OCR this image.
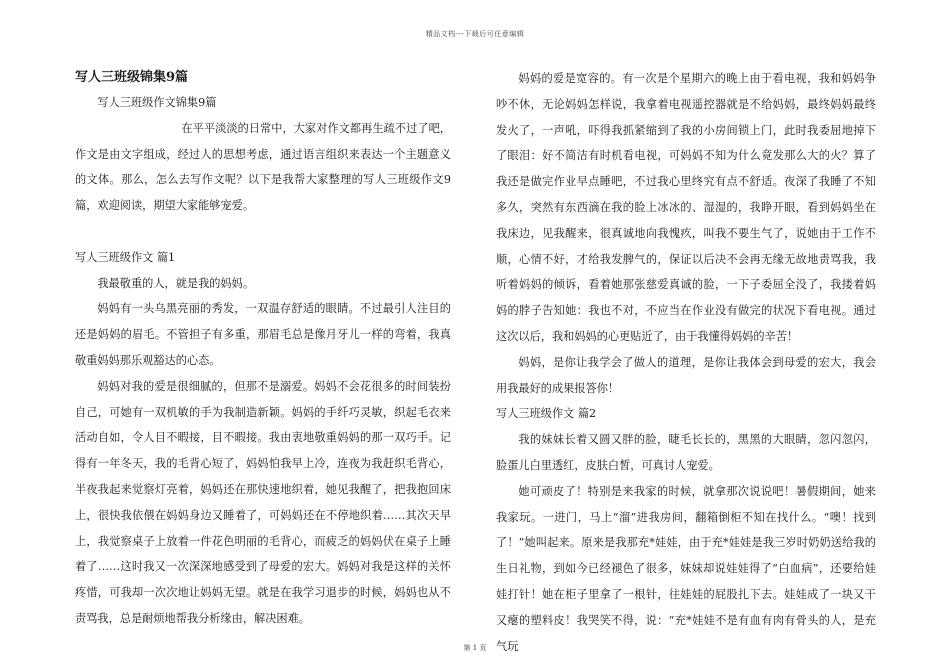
精品文档---下载后可任意编辑
写人三班级锦集9篇

写人三班级作文锦集9篇

在平平淡淡的日常中，大家对作文都再生疏不过了吧，作文是由文字组成，经过人的思想考虑，通过语言组织来表达一个主题意义的文体。那么，怎么去写作文呢？以下是我帮大家整理的写人三班级作文9篇，欢迎阅读，期望大家能够宠爱。

写人三班级作文 篇1

我最敬重的人，就是我的妈妈。

妈妈有一头乌黑亮丽的秀发，一双温存舒适的眼睛。不过最引人注目的还是妈妈的眉毛。不管担子有多重，那眉毛总是像月牙儿一样的弯着，我真敬重妈妈那乐观豁达的心态。

妈妈对我的爱是很细腻的，但那不是溺爱。妈妈不会花很多的时间装扮自己，可她有一双机敏的手为我制造新颖。妈妈的手纤巧灵敏，织起毛衣来活动自如，令人目不暇接，目不暇接。我由衷地敬重妈妈的那一双巧手。记得有一年冬天，我的毛背心短了，妈妈怕我早上冷，连夜为我赶织毛背心，半夜我起来觉察灯亮着，妈妈还在那快速地织着，她见我醒了，把我抱回床上，很快我依偎在妈妈身边又睡着了，可妈妈还在不停地织着……其次天早上，我觉察桌子上放着一件花色明丽的毛背心，而疲乏的妈妈伏在桌子上睡着了……这时我又一次深深地感受到了母爱的宏大。妈妈对我是这样的关怀疼惜，可我却一次次地让妈妈无望。就是在我学习退步的时候，妈妈也从不责骂我，总是耐烦地帮我分析缘由，解决困难。

妈妈的爱是宽容的。有一次是个星期六的晚上由于看电视，我和妈妈争吵不休，无论妈妈怎样说，我拿着电视遥控器就是不给妈妈，最终妈妈最终发火了，一声吼，吓得我抓紧缩到了我的小房间锁上门，此时我委屈地掉下了眼泪：好不简洁有时机看电视，可妈妈不知为什么竟发那么大的火？算了我还是做完作业早点睡吧，不过我心里终究有点不舒适。夜深了我睡了不知多久，突然有东西滴在我的脸上冰冰的、湿湿的，我睁开眼，看到妈妈坐在我床边，见我醒来，很真诚地向我愧疚，叫我不要生气了，说她由于工作不顺，心情不好，才给我发脾气的，保证以后决不会再无缘无故地责骂我，我听着妈妈的倾诉，看着她那张慈爱真诚的脸，一下子委屈全没了，我搂着妈妈的脖子告知她：我也不对，不应当在作业没有做完的状况下看电视。通过这次以后，我和妈妈的心更贴近了，由于我懂得妈妈的辛苦！

妈妈，是你让我学会了做人的道理，是你让我体会到母爱的宏大，我会用我最好的成果报答你！

写人三班级作文 篇2

我的妹妹长着又圆又胖的脸，睫毛长长的，黑黑的大眼睛，忽闪忽闪，脸蛋儿白里透红，皮肤白皙，可真讨人宠爱。

她可顽皮了！特别是来我家的时候，就拿那次说说吧！暑假期间，她来我家玩。一进门，马上“溜”进我房间，翻箱倒柜不知在找什么。“噢！找到了！”她叫起来。原来是我那充*娃娃，由于充*娃娃是我三岁时奶奶送给我的生日礼物，到如今已经褪色了很多，妹妹却说娃娃得了“白血病”，还要给娃娃打针！她在柜子里拿了一根针，往娃娃的屁股扎下去。娃娃成了一块又干又瘪的塑料皮！我哭笑不得，说：“充*娃娃不是有血有肉有骨头的人，是充气玩

第 1 页
